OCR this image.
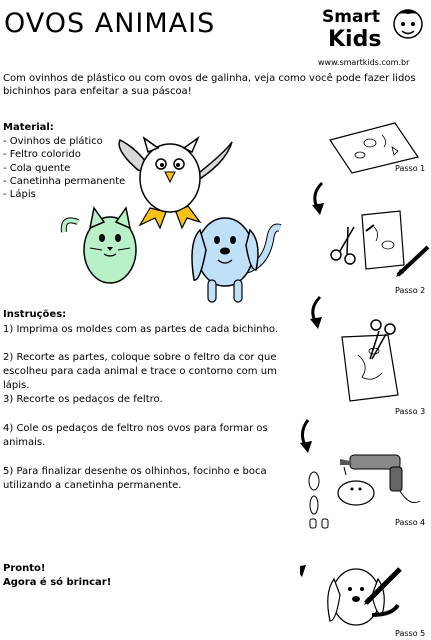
OVOS ANIMAIS	Smart
Kids
www.smartkids.com.br
Com ovinhos de plástico ou com ovos de galinha, veja como você pode fazer lidos bichinhos para enfeitar a sua páscoa!
Material:
- Ovinhos de plático
- Feltro colorido
- Cola quente
- Canetinha permanente
- Lápis
Instruções:
1) Imprima os moldes com as partes de cada bichinho.
2) Recorte as partes, coloque sobre o feltro da cor que escolheu para cada animal e trace o contorno com um lápis.
3) Recorte os pedaços de feltro.
4) Cole os pedaços de feltro nos ovos para formar os animais.
5) Para finalizar desenhe os olhinhos, focinho e boca utilizando a canetinha permanente.
Pronto!
Agora é só brincar!
Passo 1
Passo 2
Passo 3
Passo 4
Passo 5
